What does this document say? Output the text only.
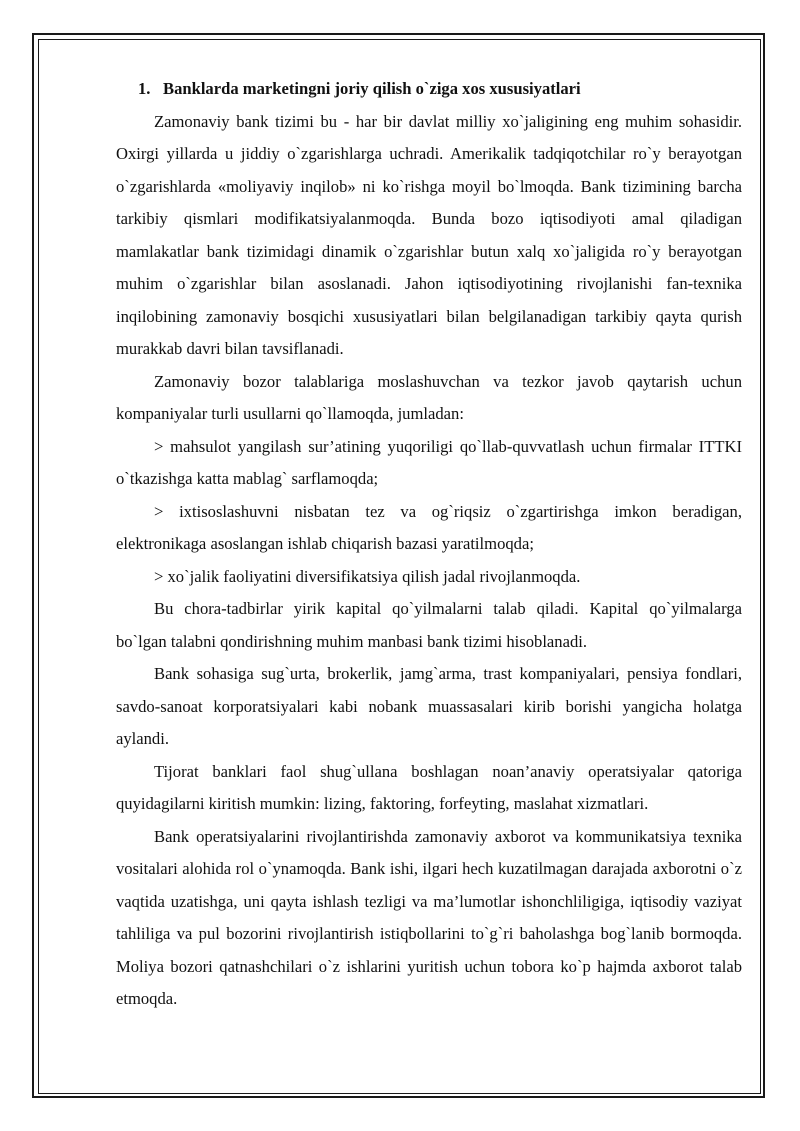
1. Banklarda marketingni joriy qilish o`ziga xos xususiyatlari

Zamonaviy bank tizimi bu - har bir davlat milliy xo`jaligining eng muhim sohasidir. Oxirgi yillarda u jiddiy o`zgarishlarga uchradi. Amerikalik tadqiqotchilar ro`y berayotgan o`zgarishlarda «moliyaviy inqilob» ni ko`rishga moyil bo`lmoqda. Bank tizimining barcha tarkibiy qismlari modifikatsiyalanmoqda. Bunda bozo iqtisodiyoti amal qiladigan mamlakatlar bank tizimidagi dinamik o`zgarishlar butun xalq xo`jaligida ro`y berayotgan muhim o`zgarishlar bilan asoslanadi. Jahon iqtisodiyotining rivojlanishi fan-texnika inqilobining zamonaviy bosqichi xususiyatlari bilan belgilanadigan tarkibiy qayta qurish murakkab davri bilan tavsiflanadi.

Zamonaviy bozor talablariga moslashuvchan va tezkor javob qaytarish uchun kompaniyalar turli usullarni qo`llamoqda, jumladan:

> mahsulot yangilash sur’atining yuqoriligi qo`llab-quvvatlash uchun firmalar ITTKI o`tkazishga katta mablag` sarflamoqda;

> ixtisoslashuvni nisbatan tez va og`riqsiz o`zgartirishga imkon beradigan, elektronikaga asoslangan ishlab chiqarish bazasi yaratilmoqda;

> xo`jalik faoliyatini diversifikatsiya qilish jadal rivojlanmoqda.

Bu chora-tadbirlar yirik kapital qo`yilmalarni talab qiladi. Kapital qo`yilmalarga bo`lgan talabni qondirishning muhim manbasi bank tizimi hisoblanadi.

Bank sohasiga sug`urta, brokerlik, jamg`arma, trast kompaniyalari, pensiya fondlari, savdo-sanoat korporatsiyalari kabi nobank muassasalari kirib borishi yangicha holatga aylandi.

Tijorat banklari faol shug`ullana boshlagan noan’anaviy operatsiyalar qatoriga quyidagilarni kiritish mumkin: lizing, faktoring, forfeyting, maslahat xizmatlari.

Bank operatsiyalarini rivojlantirishda zamonaviy axborot va kommunikatsiya texnika vositalari alohida rol o`ynamoqda. Bank ishi, ilgari hech kuzatilmagan darajada axborotni o`z vaqtida uzatishga, uni qayta ishlash tezligi va ma’lumotlar ishonchliligiga, iqtisodiy vaziyat tahliliga va pul bozorini rivojlantirish istiqbollarini to`g`ri baholashga bog`lanib bormoqda. Moliya bozori qatnashchilari o`z ishlarini yuritish uchun tobora ko`p hajmda axborot talab etmoqda.
